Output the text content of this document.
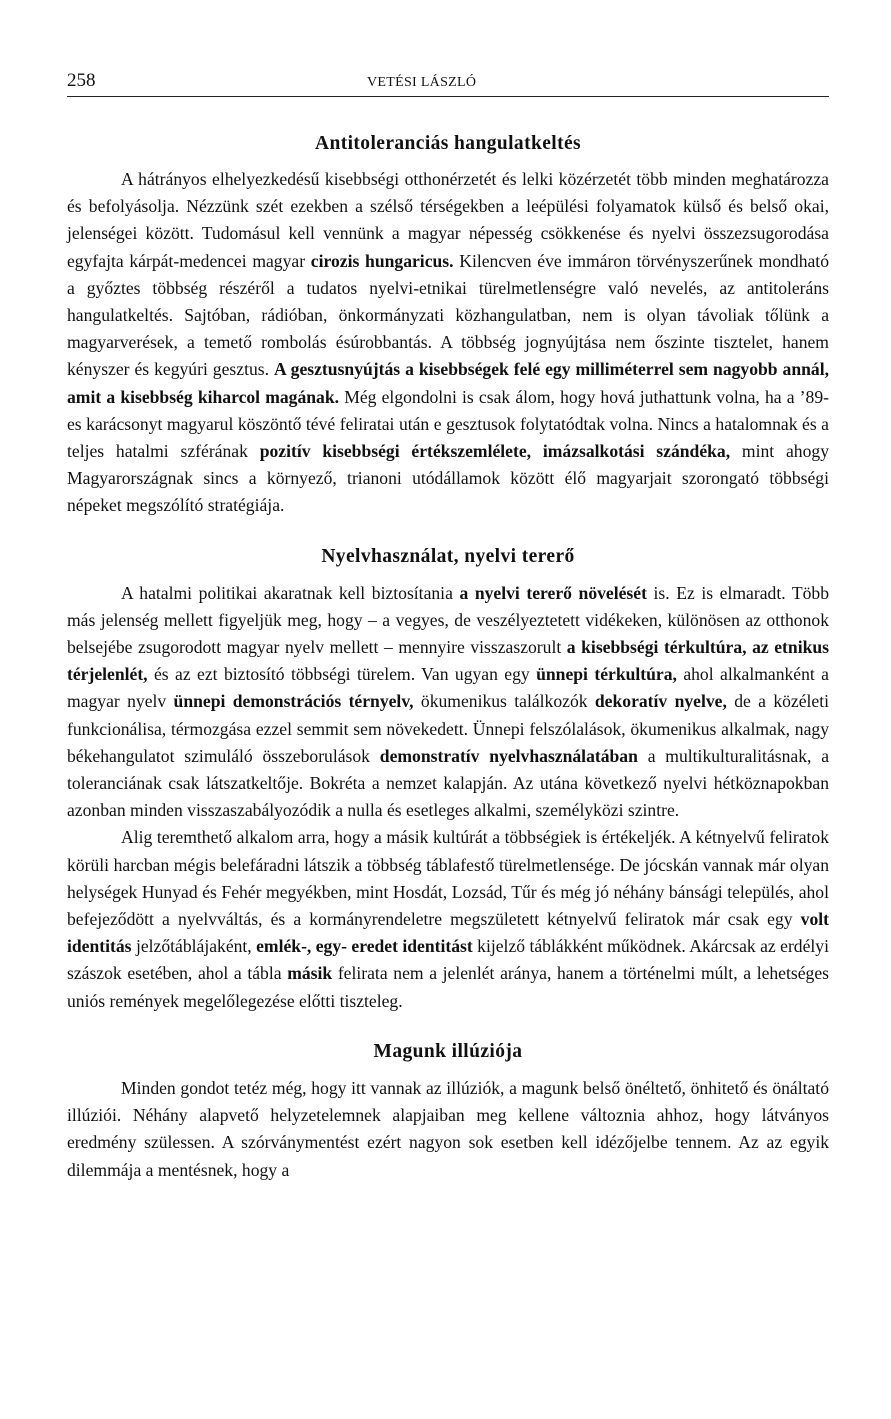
258	VETÉSI LÁSZLÓ
Antitoleranciás hangulatkeltés

A hátrányos elhelyezkedésű kisebbségi otthonérzetét és lelki közérzetét több minden meghatározza és befolyásolja. Nézzünk szét ezekben a szélső térségekben a leépülési folyamatok külső és belső okai, jelenségei között. Tudomásul kell vennünk a magyar népesség csökkenése és nyelvi összezsugorodása egyfajta kárpát-medencei magyar cirozis hungaricus. Kilencven éve immáron törvényszerűnek mondható a győztes többség részéről a tudatos nyelvi-etnikai türelmetlenségre való nevelés, az antitoleráns hangulatkeltés. Sajtóban, rádióban, önkormányzati közhangulatban, nem is olyan távoliak tőlünk a magyarverések, a temető rombolás ésúrobbantás. A többség jognyújtása nem őszinte tisztelet, hanem kényszer és kegyúri gesztus. A gesztusnyújtás a kisebbségek felé egy milliméterrel sem nagyobb annál, amit a kisebbség kiharcol magának. Még elgondolni is csak álom, hogy hová juthattunk volna, ha a ’89-es karácsonyt magyarul köszöntő tévé feliratai után e gesztusok folytatódtak volna. Nincs a hatalomnak és a teljes hatalmi szférának pozitív kisebbségi értékszemlélete, imázsalkotási szándéka, mint ahogy Magyarországnak sincs a környező, trianoni utódállamok között élő magyarjait szorongató többségi népeket megszólító stratégiája.

Nyelvhasználat, nyelvi tererő

A hatalmi politikai akaratnak kell biztosítania a nyelvi tererő növelését is. Ez is elmaradt. Több más jelenség mellett figyeljük meg, hogy – a vegyes, de veszélyeztetett vidékeken, különösen az otthonok belsejébe zsugorodott magyar nyelv mellett – mennyire visszaszorult a kisebbségi térkultúra, az etnikus térjelenlét, és az ezt biztosító többségi türelem. Van ugyan egy ünnepi térkultúra, ahol alkalmanként a magyar nyelv ünnepi demonstrációs térnyelv, ökumenikus találkozók dekoratív nyelve, de a közéleti funkcionálisa, térmozgása ezzel semmit sem növekedett. Ünnepi felszólalások, ökumenikus alkalmak, nagy békehangulatot szimuláló összeborulások demonstratív nyelvhasználatában a multikulturalitásnak, a toleranciának csak látszatkeltője. Bokréta a nemzet kalapján. Az utána következő nyelvi hétköznapokban azonban minden visszaszabályozódik a nulla és esetleges alkalmi, személyközi szintre.

Alig teremthető alkalom arra, hogy a másik kultúrát a többségiek is értékeljék. A kétnyelvű feliratok körüli harcban mégis belefáradni látszik a többség táblafestő türelmetlensége. De jócskán vannak már olyan helységek Hunyad és Fehér megyékben, mint Hosdát, Lozsád, Tűr és még jó néhány bánsági település, ahol befejeződött a nyelvváltás, és a kormányrendeletre megszületett kétnyelvű feliratok már csak egy volt identitás jelzőtáblájaként, emlék-, egy- eredet identitást kijelző táblákként működnek. Akárcsak az erdélyi szászok esetében, ahol a tábla másik felirata nem a jelenlét aránya, hanem a történelmi múlt, a lehetséges uniós remények megelőlegezése előtti tiszteleg.

Magunk illúziója

Minden gondot tetéz még, hogy itt vannak az illúziók, a magunk belső önéltető, önhitető és önáltató illúziói. Néhány alapvető helyzetelemnek alapjaiban meg kellene változnia ahhoz, hogy látványos eredmény szülessen. A szórványmentést ezért nagyon sok esetben kell idézőjelbe tennem. Az az egyik dilemmája a mentésnek, hogy a
